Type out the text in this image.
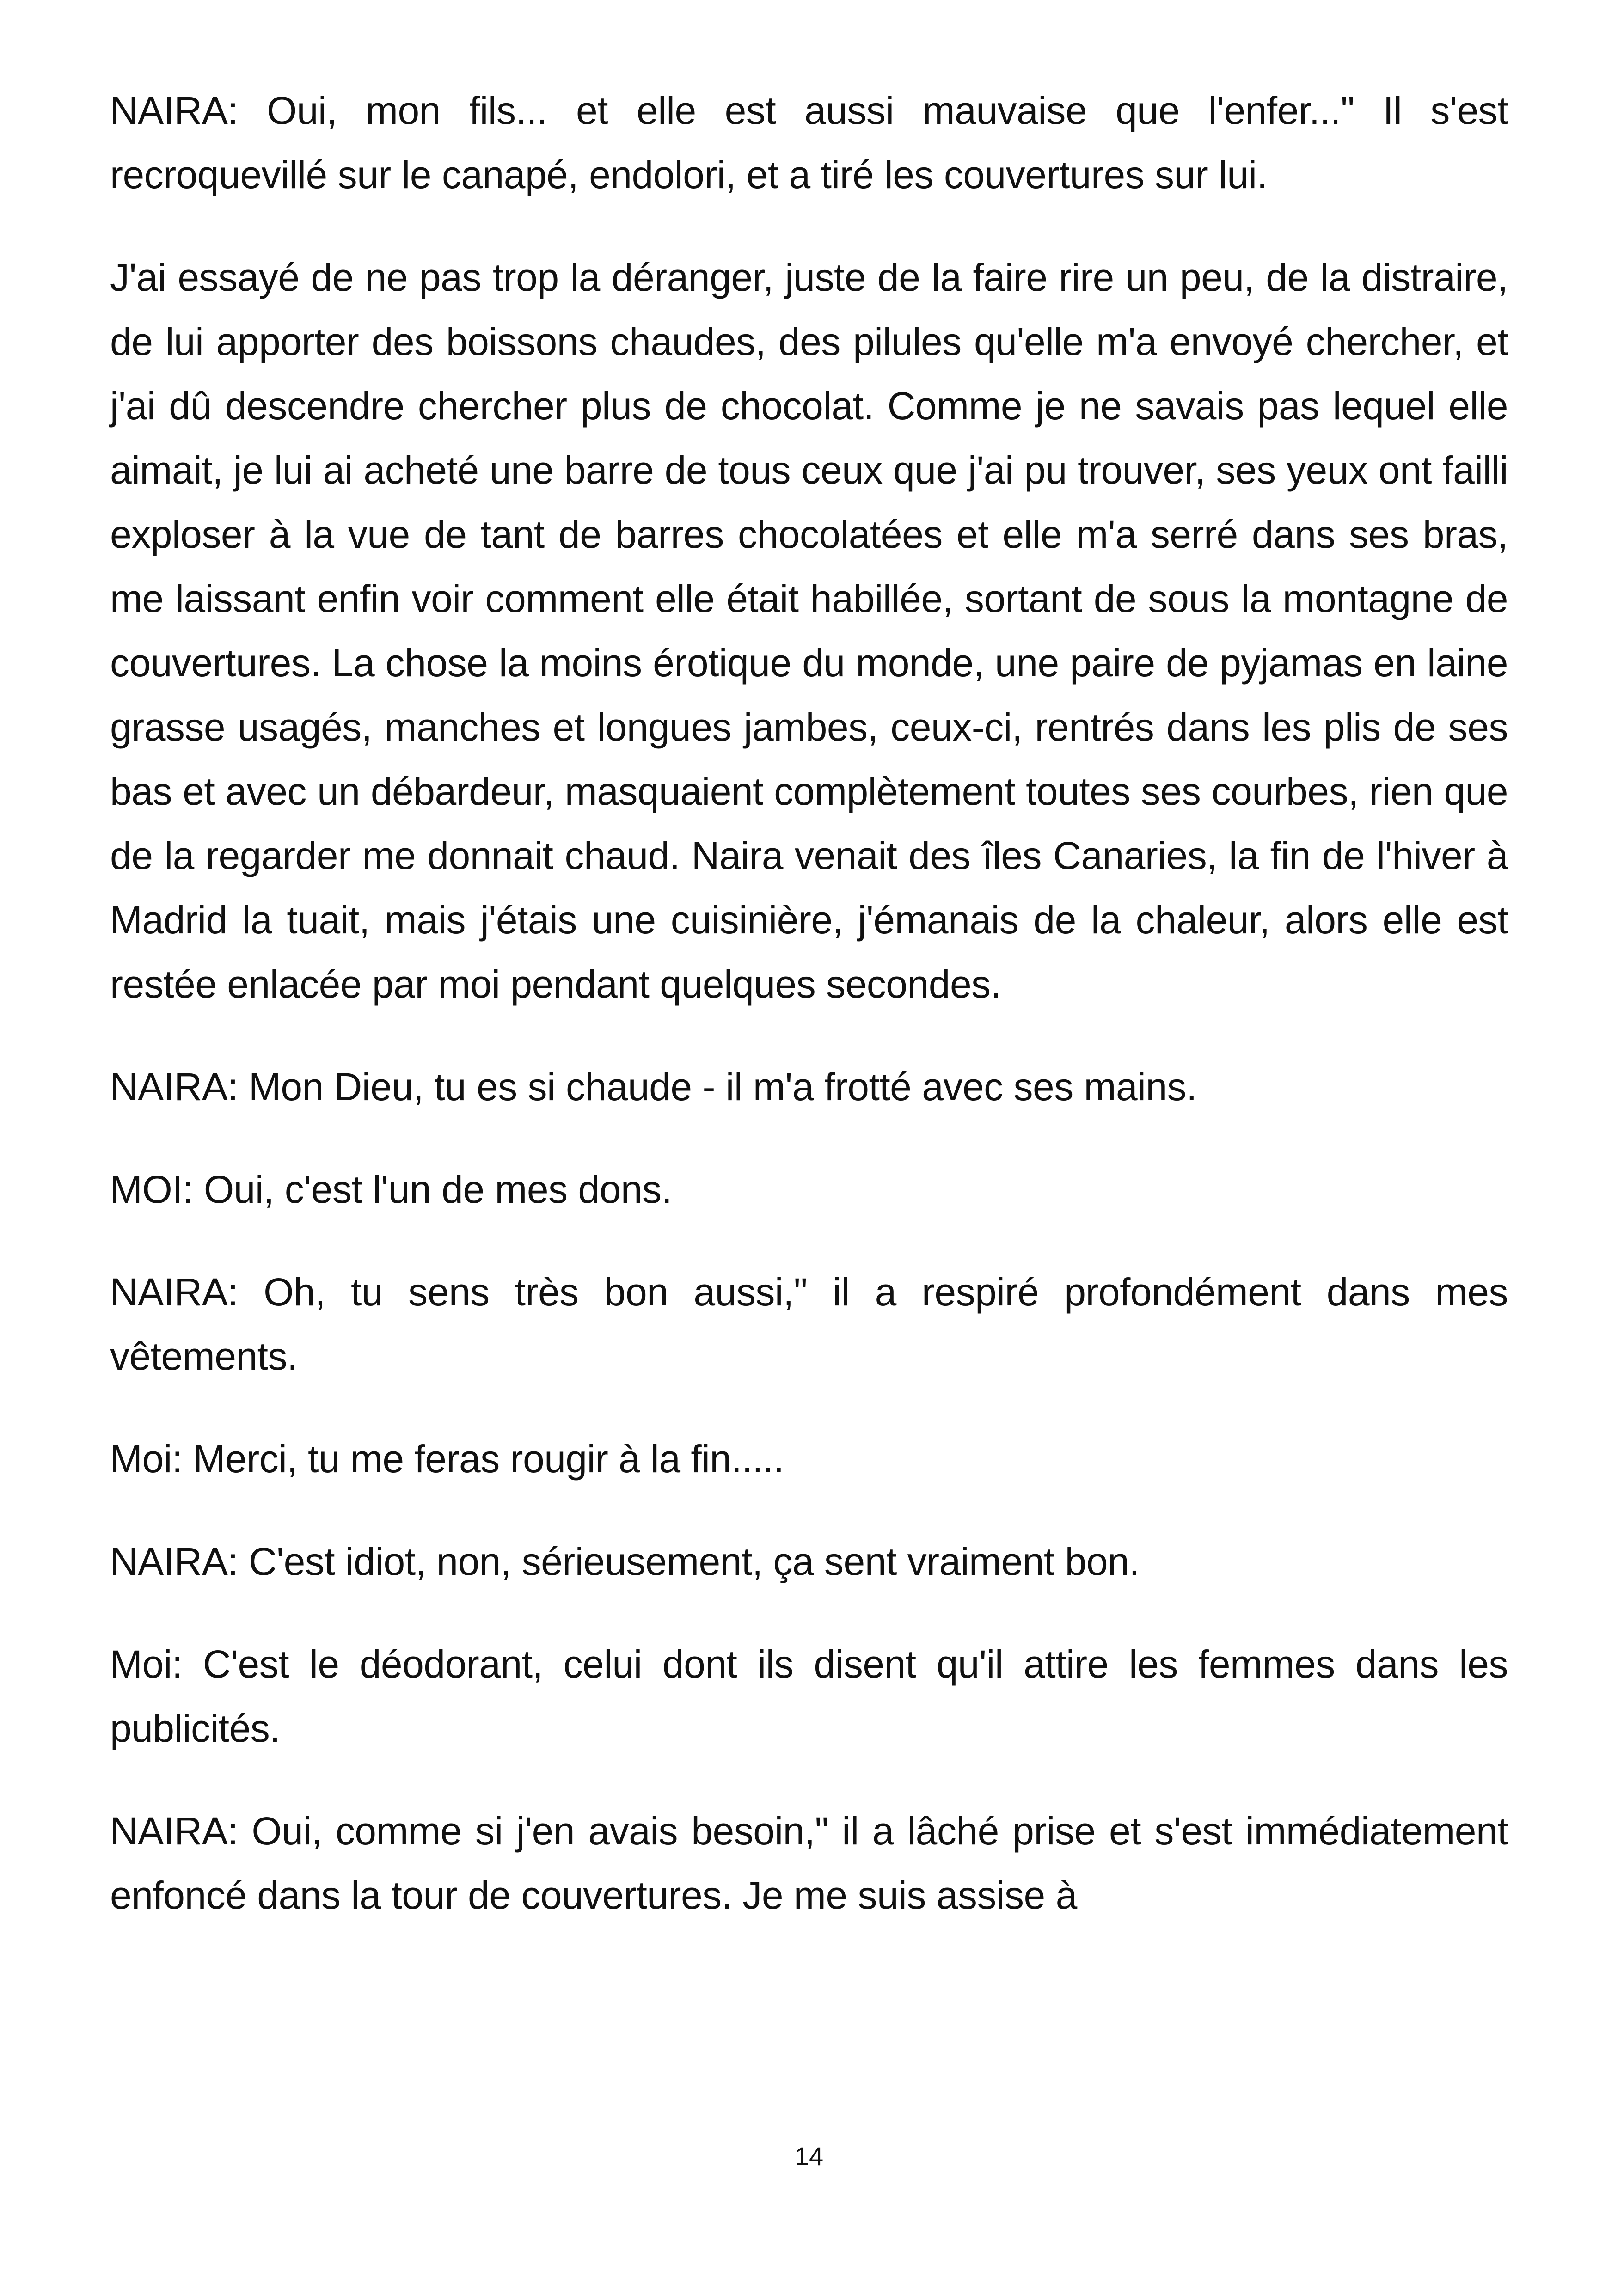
NAIRA: Oui, mon fils... et elle est aussi mauvaise que l'enfer..." Il s'est recroquevillé sur le canapé, endolori, et a tiré les couvertures sur lui.

J'ai essayé de ne pas trop la déranger, juste de la faire rire un peu, de la distraire, de lui apporter des boissons chaudes, des pilules qu'elle m'a envoyé chercher, et j'ai dû descendre chercher plus de chocolat. Comme je ne savais pas lequel elle aimait, je lui ai acheté une barre de tous ceux que j'ai pu trouver, ses yeux ont failli exploser à la vue de tant de barres chocolatées et elle m'a serré dans ses bras, me laissant enfin voir comment elle était habillée, sortant de sous la montagne de couvertures. La chose la moins érotique du monde, une paire de pyjamas en laine grasse usagés, manches et longues jambes, ceux-ci, rentrés dans les plis de ses bas et avec un débardeur, masquaient complètement toutes ses courbes, rien que de la regarder me donnait chaud. Naira venait des îles Canaries, la fin de l'hiver à Madrid la tuait, mais j'étais une cuisinière, j'émanais de la chaleur, alors elle est restée enlacée par moi pendant quelques secondes.

NAIRA: Mon Dieu, tu es si chaude - il m'a frotté avec ses mains.

MOI: Oui, c'est l'un de mes dons.

NAIRA: Oh, tu sens très bon aussi," il a respiré profondément dans mes vêtements.

Moi: Merci, tu me feras rougir à la fin.....

NAIRA: C'est idiot, non, sérieusement, ça sent vraiment bon.

Moi: C'est le déodorant, celui dont ils disent qu'il attire les femmes dans les publicités.

NAIRA: Oui, comme si j'en avais besoin," il a lâché prise et s'est immédiatement enfoncé dans la tour de couvertures. Je me suis assise à

14
